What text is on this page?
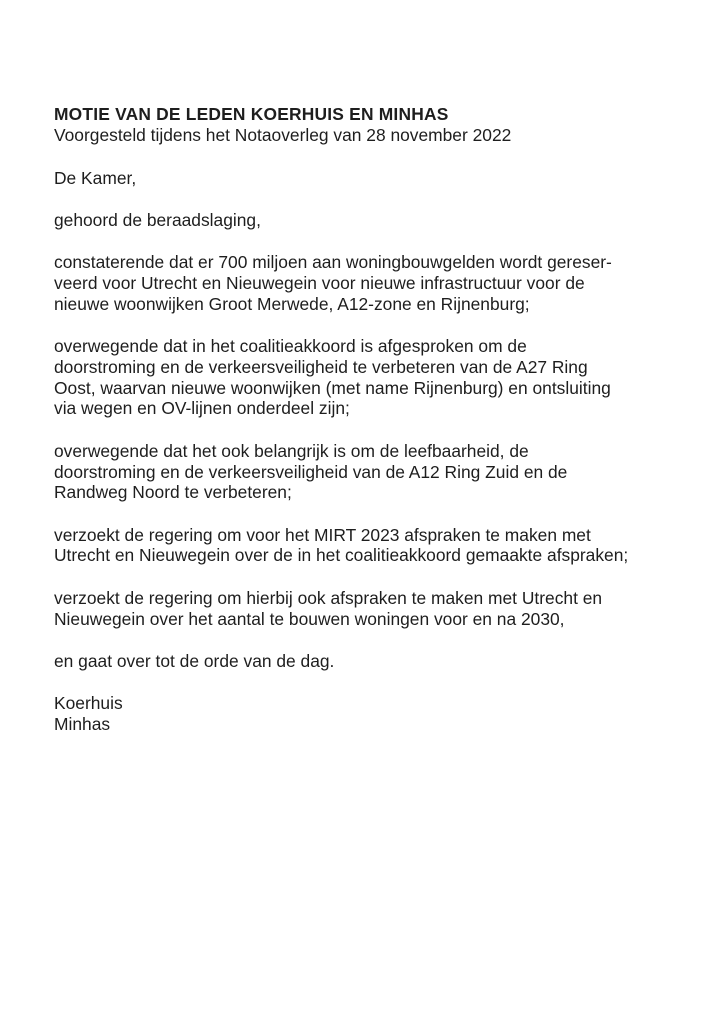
MOTIE VAN DE LEDEN KOERHUIS EN MINHAS
Voorgesteld tijdens het Notaoverleg van 28 november 2022
De Kamer,
gehoord de beraadslaging,
constaterende dat er 700 miljoen aan woningbouwgelden wordt gereser-
veerd voor Utrecht en Nieuwegein voor nieuwe infrastructuur voor de
nieuwe woonwijken Groot Merwede, A12-zone en Rijnenburg;
overwegende dat in het coalitieakkoord is afgesproken om de
doorstroming en de verkeersveiligheid te verbeteren van de A27 Ring
Oost, waarvan nieuwe woonwijken (met name Rijnenburg) en ontsluiting
via wegen en OV-lijnen onderdeel zijn;
overwegende dat het ook belangrijk is om de leefbaarheid, de
doorstroming en de verkeersveiligheid van de A12 Ring Zuid en de
Randweg Noord te verbeteren;
verzoekt de regering om voor het MIRT 2023 afspraken te maken met
Utrecht en Nieuwegein over de in het coalitieakkoord gemaakte afspraken;
verzoekt de regering om hierbij ook afspraken te maken met Utrecht en
Nieuwegein over het aantal te bouwen woningen voor en na 2030,
en gaat over tot de orde van de dag.
Koerhuis
Minhas
